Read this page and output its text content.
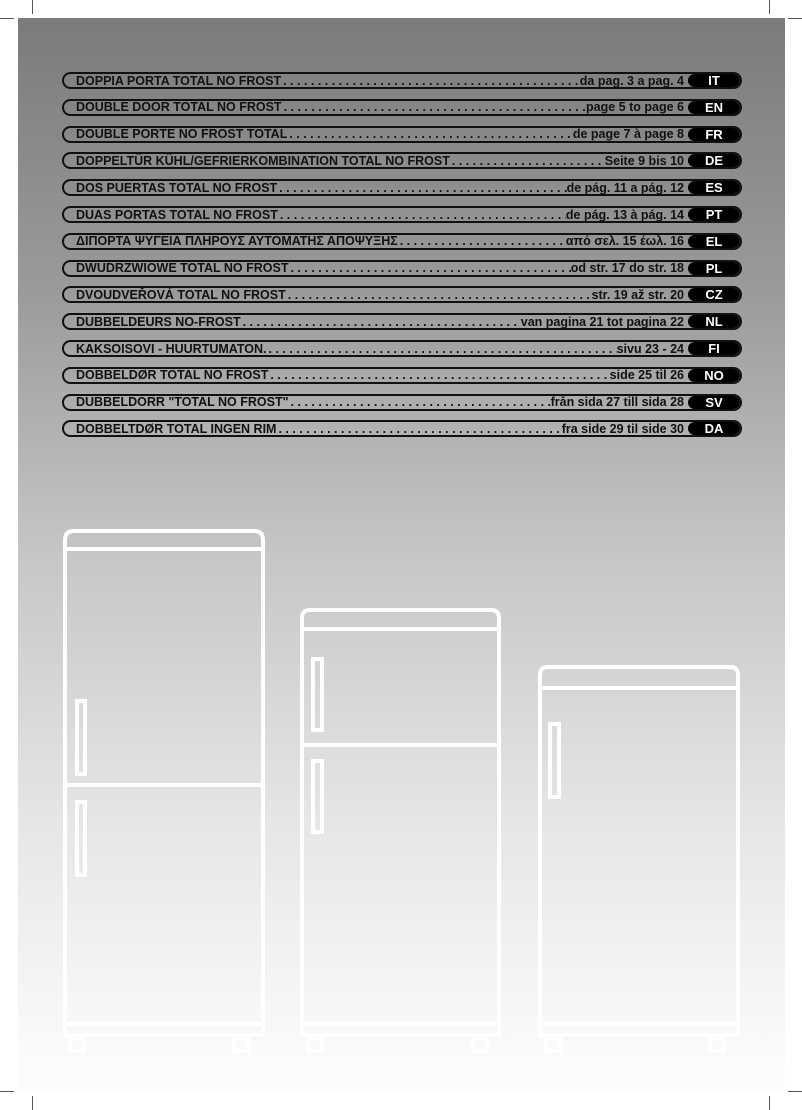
DOPPIA PORTA TOTAL NO FROST . . .	da pag. 3 a pag. 4	IT
DOUBLE DOOR TOTAL NO FROST . . .	page 5 to page 6	EN
DOUBLE PORTE NO FROST TOTAL . . .	de page 7 à page 8	FR
DOPPELTÜR KÜHL/GEFRIERKOMBINATION TOTAL NO FROST . . .	Seite 9 bis 10	DE
DOS PUERTAS TOTAL NO FROST . . .	de pág. 11 a pág. 12	ES
DUAS PORTAS TOTAL NO FROST . . .	de pág. 13 à pág. 14	PT
ΔΙΠΟΡΤΑ ΨΥΓΕΙΑ ΠΛΗΡΟΥΣ ΑΥΤΟΜΑΤΗΣ ΑΠΟΨΥΞΗΣ . . .	από σελ. 15 έωλ. 16	EL
DWUDRZWIOWE TOTAL NO FROST . . .	od str. 17 do str. 18	PL
DVOUDVEŘOVÁ TOTAL NO FROST . . .	str. 19 až str. 20	CZ
DUBBELDEURS NO-FROST . . .	van pagina 21 tot pagina 22	NL
KAKSOISOVI - HUURTUMATON. . . .	sivu 23 - 24	FI
DOBBELDØR TOTAL NO FROST . . .	side 25 til 26	NO
DUBBELDÖRR "TOTAL NO FROST" . . .	från sida 27 till sida 28	SV
DOBBELTDØR TOTAL INGEN RIM . . .	fra side 29 til side 30	DA
